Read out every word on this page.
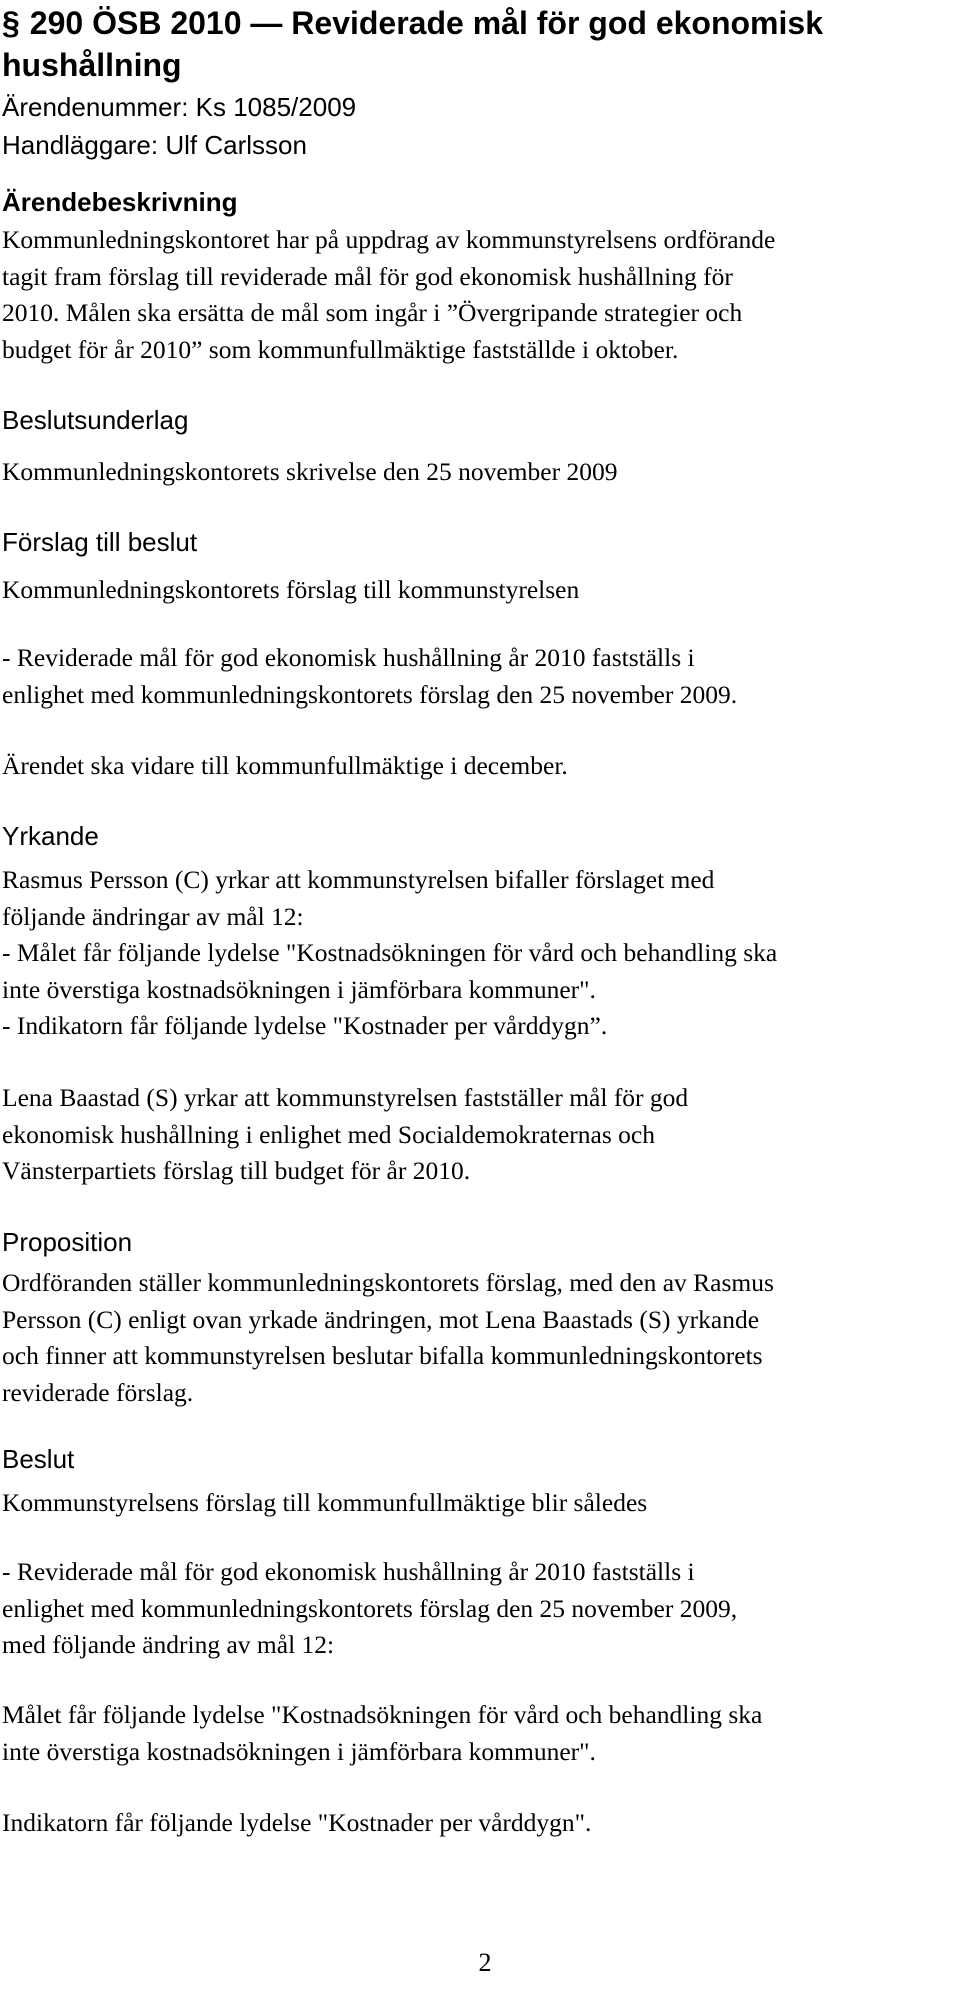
§ 290 ÖSB 2010 — Reviderade mål för god ekonomisk
hushållning
Ärendenummer: Ks 1085/2009
Handläggare: Ulf Carlsson
Ärendebeskrivning

Kommunledningskontoret har på uppdrag av kommunstyrelsens ordförande
tagit fram förslag till reviderade mål för god ekonomisk hushållning för
2010. Målen ska ersätta de mål som ingår i ”Övergripande strategier och
budget för år 2010” som kommunfullmäktige fastställde i oktober.

Beslutsunderlag

Kommunledningskontorets skrivelse den 25 november 2009

Förslag till beslut

Kommunledningskontorets förslag till kommunstyrelsen

- Reviderade mål för god ekonomisk hushållning år 2010 fastställs i
enlighet med kommunledningskontorets förslag den 25 november 2009.

Ärendet ska vidare till kommunfullmäktige i december.

Yrkande

Rasmus Persson (C) yrkar att kommunstyrelsen bifaller förslaget med
följande ändringar av mål 12:
- Målet får följande lydelse "Kostnadsökningen för vård och behandling ska
inte överstiga kostnadsökningen i jämförbara kommuner".
- Indikatorn får följande lydelse "Kostnader per vårddygn”.

Lena Baastad (S) yrkar att kommunstyrelsen fastställer mål för god
ekonomisk hushållning i enlighet med Socialdemokraternas och
Vänsterpartiets förslag till budget för år 2010.

Proposition

Ordföranden ställer kommunledningskontorets förslag, med den av Rasmus
Persson (C) enligt ovan yrkade ändringen, mot Lena Baastads (S) yrkande
och finner att kommunstyrelsen beslutar bifalla kommunledningskontorets
reviderade förslag.

Beslut

Kommunstyrelsens förslag till kommunfullmäktige blir således

- Reviderade mål för god ekonomisk hushållning år 2010 fastställs i
enlighet med kommunledningskontorets förslag den 25 november 2009,
med följande ändring av mål 12:

Målet får följande lydelse "Kostnadsökningen för vård och behandling ska
inte överstiga kostnadsökningen i jämförbara kommuner".

Indikatorn får följande lydelse "Kostnader per vårddygn".

2
